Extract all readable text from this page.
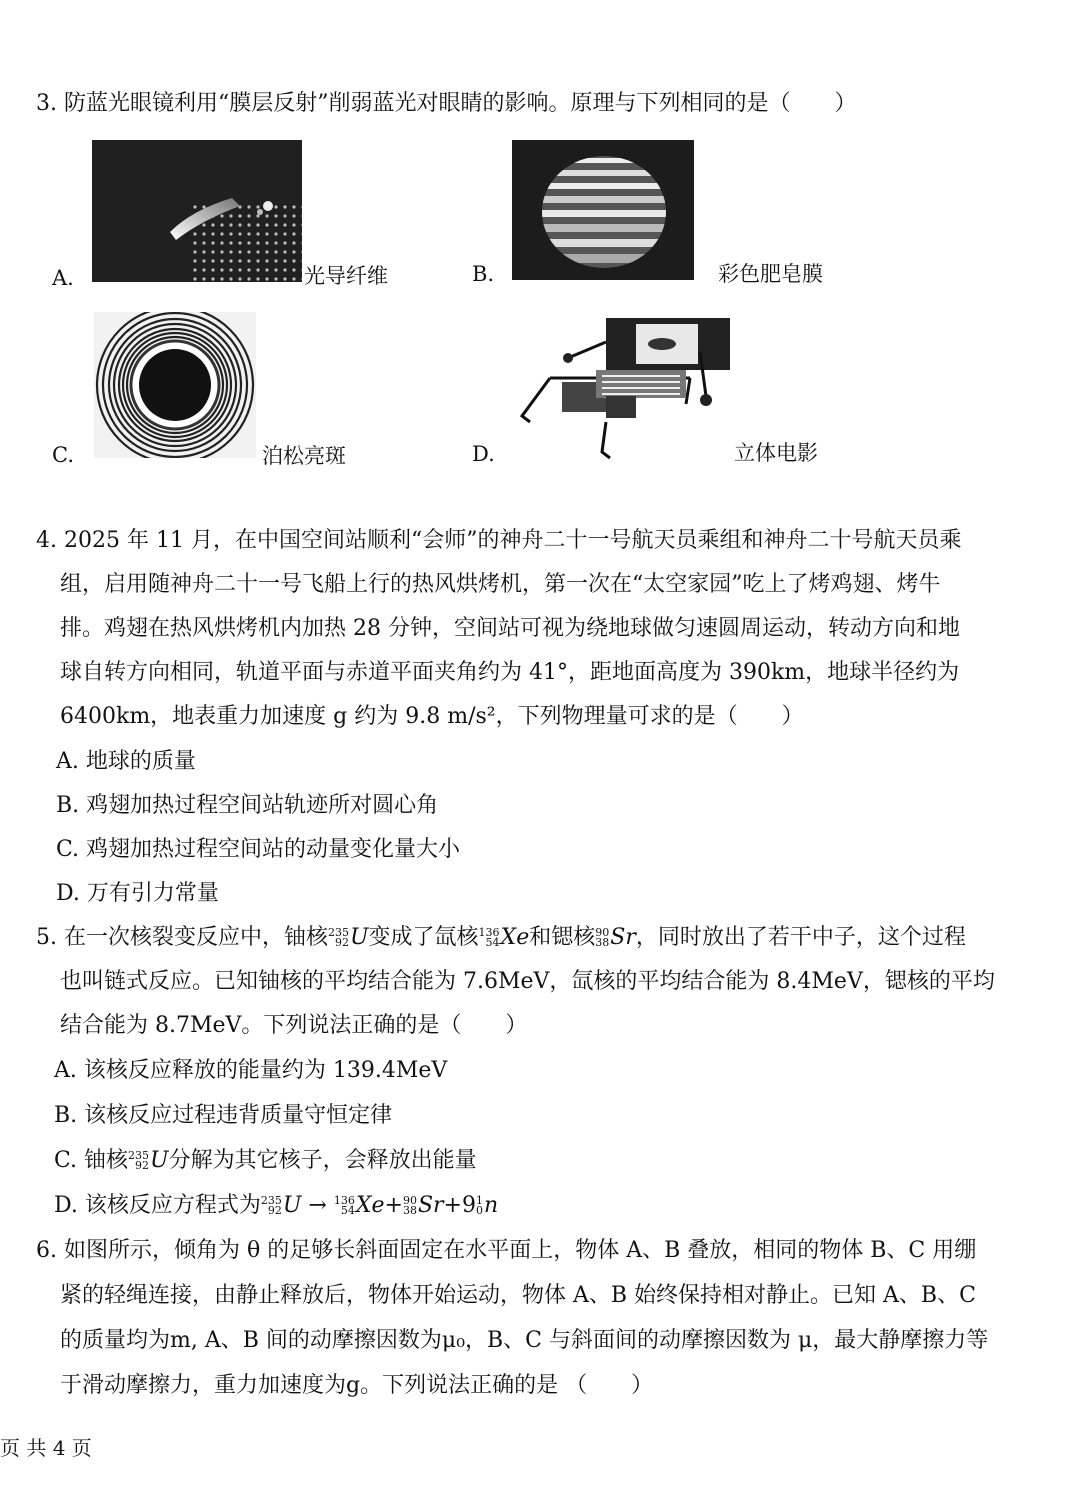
3. 防蓝光眼镜利用“膜层反射”削弱蓝光对眼睛的影响。原理与下列相同的是（　　）
A.	光导纤维	B.	彩色肥皂膜
C.	泊松亮斑	D.	立体电影
4. 2025 年 11 月，在中国空间站顺利“会师”的神舟二十一号航天员乘组和神舟二十号航天员乘
组，启用随神舟二十一号飞船上行的热风烘烤机，第一次在“太空家园”吃上了烤鸡翅、烤牛
排。鸡翅在热风烘烤机内加热 28 分钟，空间站可视为绕地球做匀速圆周运动，转动方向和地
球自转方向相同，轨道平面与赤道平面夹角约为 41°，距地面高度为 390km，地球半径约为
6400km，地表重力加速度 g 约为 9.8 m/s²，下列物理量可求的是（　　）
A. 地球的质量
B. 鸡翅加热过程空间站轨迹所对圆心角
C. 鸡翅加热过程空间站的动量变化量大小
D. 万有引力常量
5. 在一次核裂变反应中，铀核 235
92 U变成了氙核 136
54 Xe和锶核 90
38 Sr，同时放出了若干中子，这个过程
也叫链式反应。已知铀核的平均结合能为 7.6MeV，氙核的平均结合能为 8.4MeV，锶核的平均
结合能为 8.7MeV。下列说法正确的是（　　）
A. 该核反应释放的能量约为 139.4MeV
B. 该核反应过程违背质量守恒定律
C. 铀核 235
92 U分解为其它核子，会释放出能量
D. 该核反应方程式为 235
92 U → 136
54 Xe+ 90
38 Sr+9 1
0 n
6. 如图所示，倾角为 θ 的足够长斜面固定在水平面上，物体 A、B 叠放，相同的物体 B、C 用绷
紧的轻绳连接，由静止释放后，物体开始运动，物体 A、B 始终保持相对静止。已知 A、B、C
的质量均为m, A、B 间的动摩擦因数为μ₀，B、C 与斜面间的动摩擦因数为 μ，最大静摩擦力等
于滑动摩擦力，重力加速度为g。下列说法正确的是 （　　）
页 共 4 页
